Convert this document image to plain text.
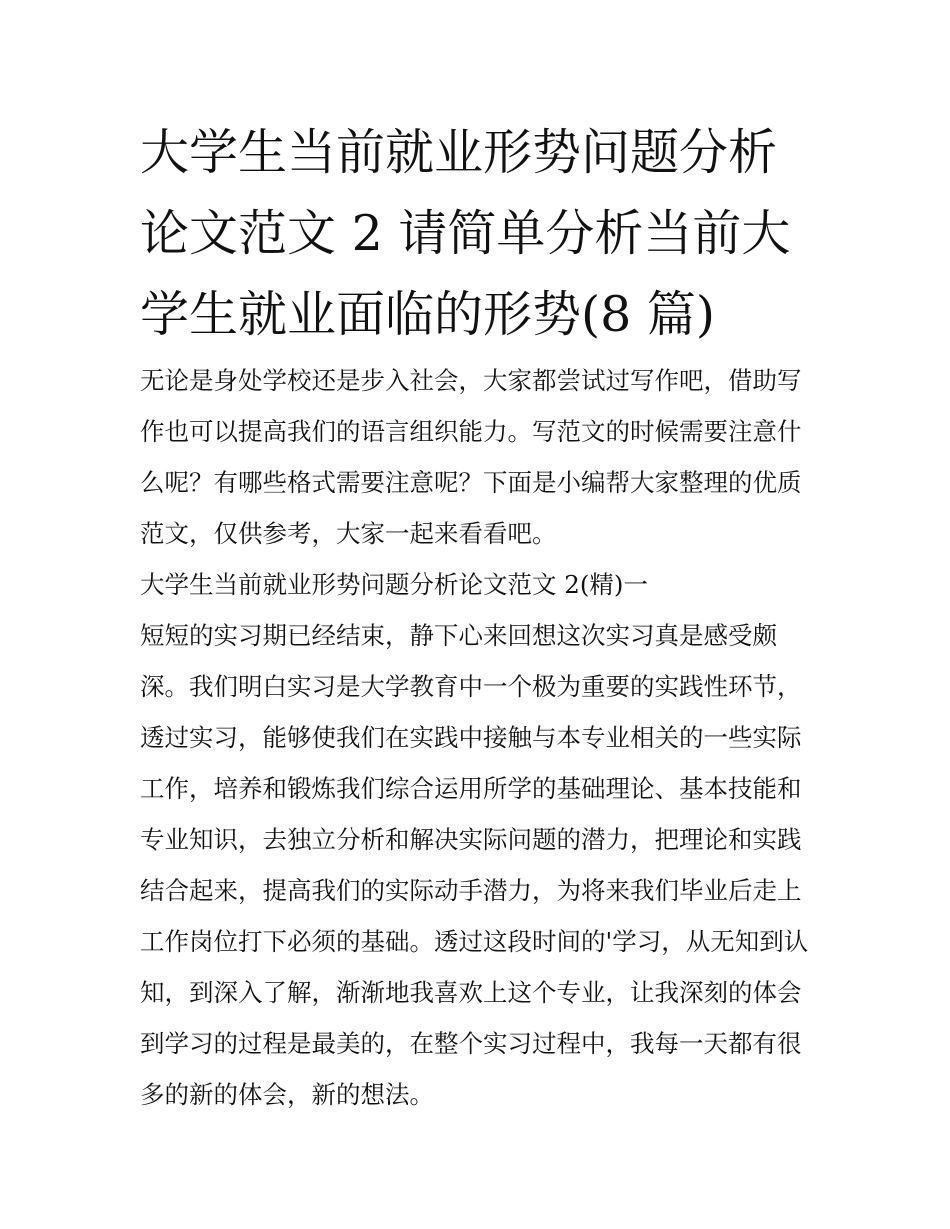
大学生当前就业形势问题分析
论文范文 2 请简单分析当前大
学生就业面临的形势(8 篇)

无论是身处学校还是步入社会，大家都尝试过写作吧，借助写作也可以提高我们的语言组织能力。写范文的时候需要注意什么呢？有哪些格式需要注意呢？下面是小编帮大家整理的优质范文，仅供参考，大家一起来看看吧。

大学生当前就业形势问题分析论文范文 2(精)一

短短的实习期已经结束，静下心来回想这次实习真是感受颇深。我们明白实习是大学教育中一个极为重要的实践性环节，透过实习，能够使我们在实践中接触与本专业相关的一些实际工作，培养和锻炼我们综合运用所学的基础理论、基本技能和专业知识，去独立分析和解决实际问题的潜力，把理论和实践结合起来，提高我们的实际动手潜力，为将来我们毕业后走上工作岗位打下必须的基础。透过这段时间的'学习，从无知到认知，到深入了解，渐渐地我喜欢上这个专业，让我深刻的体会到学习的过程是最美的，在整个实习过程中，我每一天都有很多的新的体会，新的想法。
